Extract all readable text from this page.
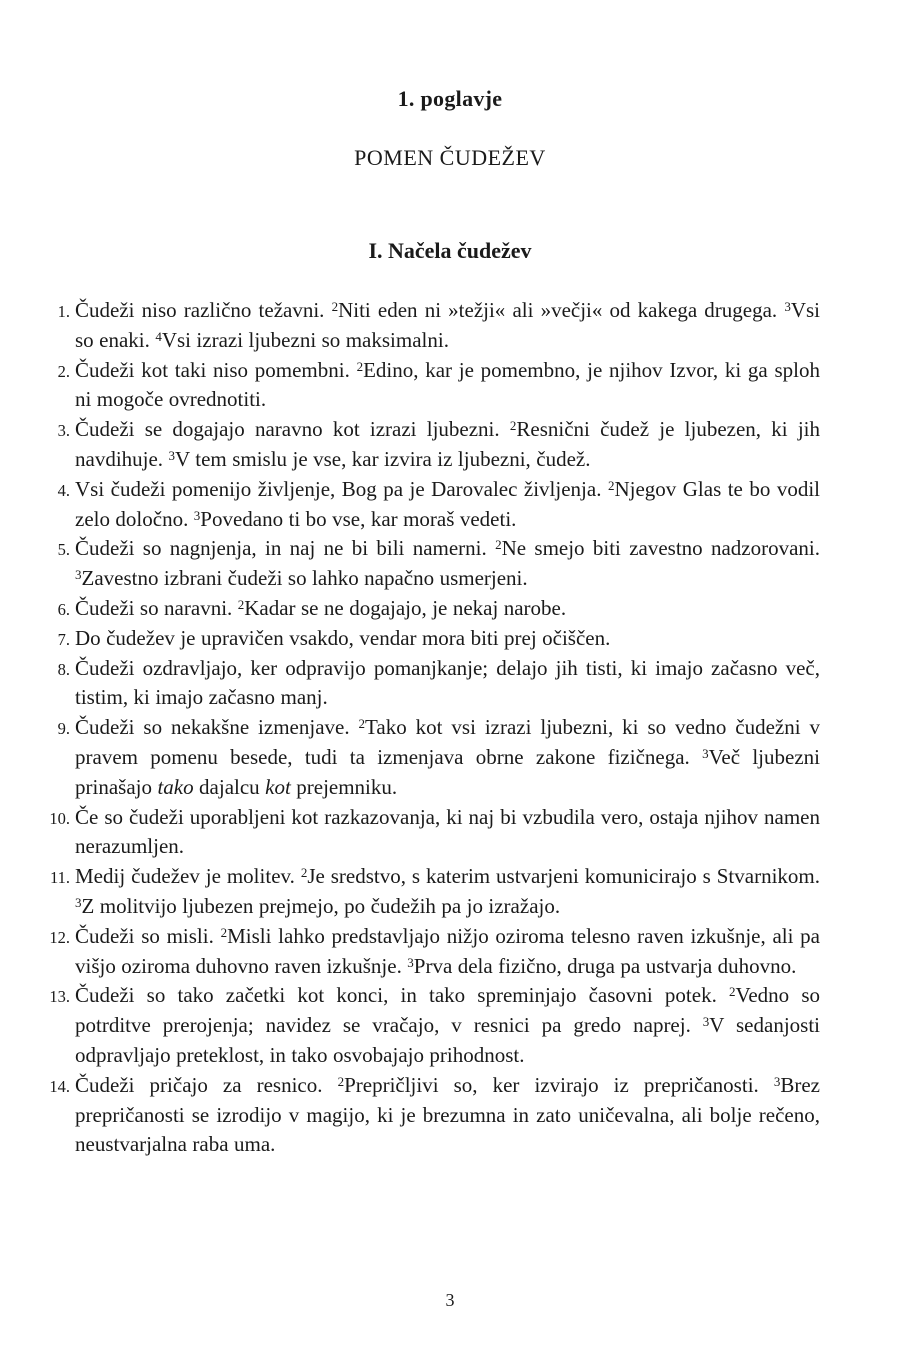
1. poglavje
POMEN ČUDEŽEV
I. Načela čudežev
1. Čudeži niso različno težavni. $^2$Niti eden ni »težji« ali »večji« od kakega drugega. $^3$Vsi so enaki. $^4$Vsi izrazi ljubezni so maksimalni.
2. Čudeži kot taki niso pomembni. $^2$Edino, kar je pomembno, je njihov Izvor, ki ga sploh ni mogoče ovrednotiti.
3. Čudeži se dogajajo naravno kot izrazi ljubezni. $^2$Resnični čudež je ljubezen, ki jih navdihuje. $^3$V tem smislu je vse, kar izvira iz ljubezni, čudež.
4. Vsi čudeži pomenijo življenje, Bog pa je Darovalec življenja. $^2$Njegov Glas te bo vodil zelo določno. $^3$Povedano ti bo vse, kar moraš vedeti.
5. Čudeži so nagnjenja, in naj ne bi bili namerni. $^2$Ne smejo biti zavestno nadzorovani. $^3$Zavestno izbrani čudeži so lahko napačno usmerjeni.
6. Čudeži so naravni. $^2$Kadar se ne dogajajo, je nekaj narobe.
7. Do čudežev je upravičen vsakdo, vendar mora biti prej očiščen.
8. Čudeži ozdravljajo, ker odpravijo pomanjkanje; delajo jih tisti, ki imajo začasno več, tistim, ki imajo začasno manj.
9. Čudeži so nekakšne izmenjave. $^2$Tako kot vsi izrazi ljubezni, ki so vedno čudežni v pravem pomenu besede, tudi ta izmenjava obrne zakone fizičnega. $^3$Več ljubezni prinašajo tako dajalcu kot prejemniku.
10. Če so čudeži uporabljeni kot razkazovanja, ki naj bi vzbudila vero, ostaja njihov namen nerazumljen.
11. Medij čudežev je molitev. $^2$Je sredstvo, s katerim ustvarjeni komunicirajo s Stvarnikom. $^3$Z molitvijo ljubezen prejmejo, po čudežih pa jo izražajo.
12. Čudeži so misli. $^2$Misli lahko predstavljajo nižjo oziroma telesno raven izkušnje, ali pa višjo oziroma duhovno raven izkušnje. $^3$Prva dela fizično, druga pa ustvarja duhovno.
13. Čudeži so tako začetki kot konci, in tako spreminjajo časovni potek. $^2$Vedno so potrditve prerojenja; navidez se vračajo, v resnici pa gredo naprej. $^3$V sedanjosti odpravljajo preteklost, in tako osvobajajo prihodnost.
14. Čudeži pričajo za resnico. $^2$Prepričljivi so, ker izvirajo iz prepričanosti. $^3$Brez prepričanosti se izrodijo v magijo, ki je brezumna in zato uničevalna, ali bolje rečeno, neustvarjalna raba uma.
3
